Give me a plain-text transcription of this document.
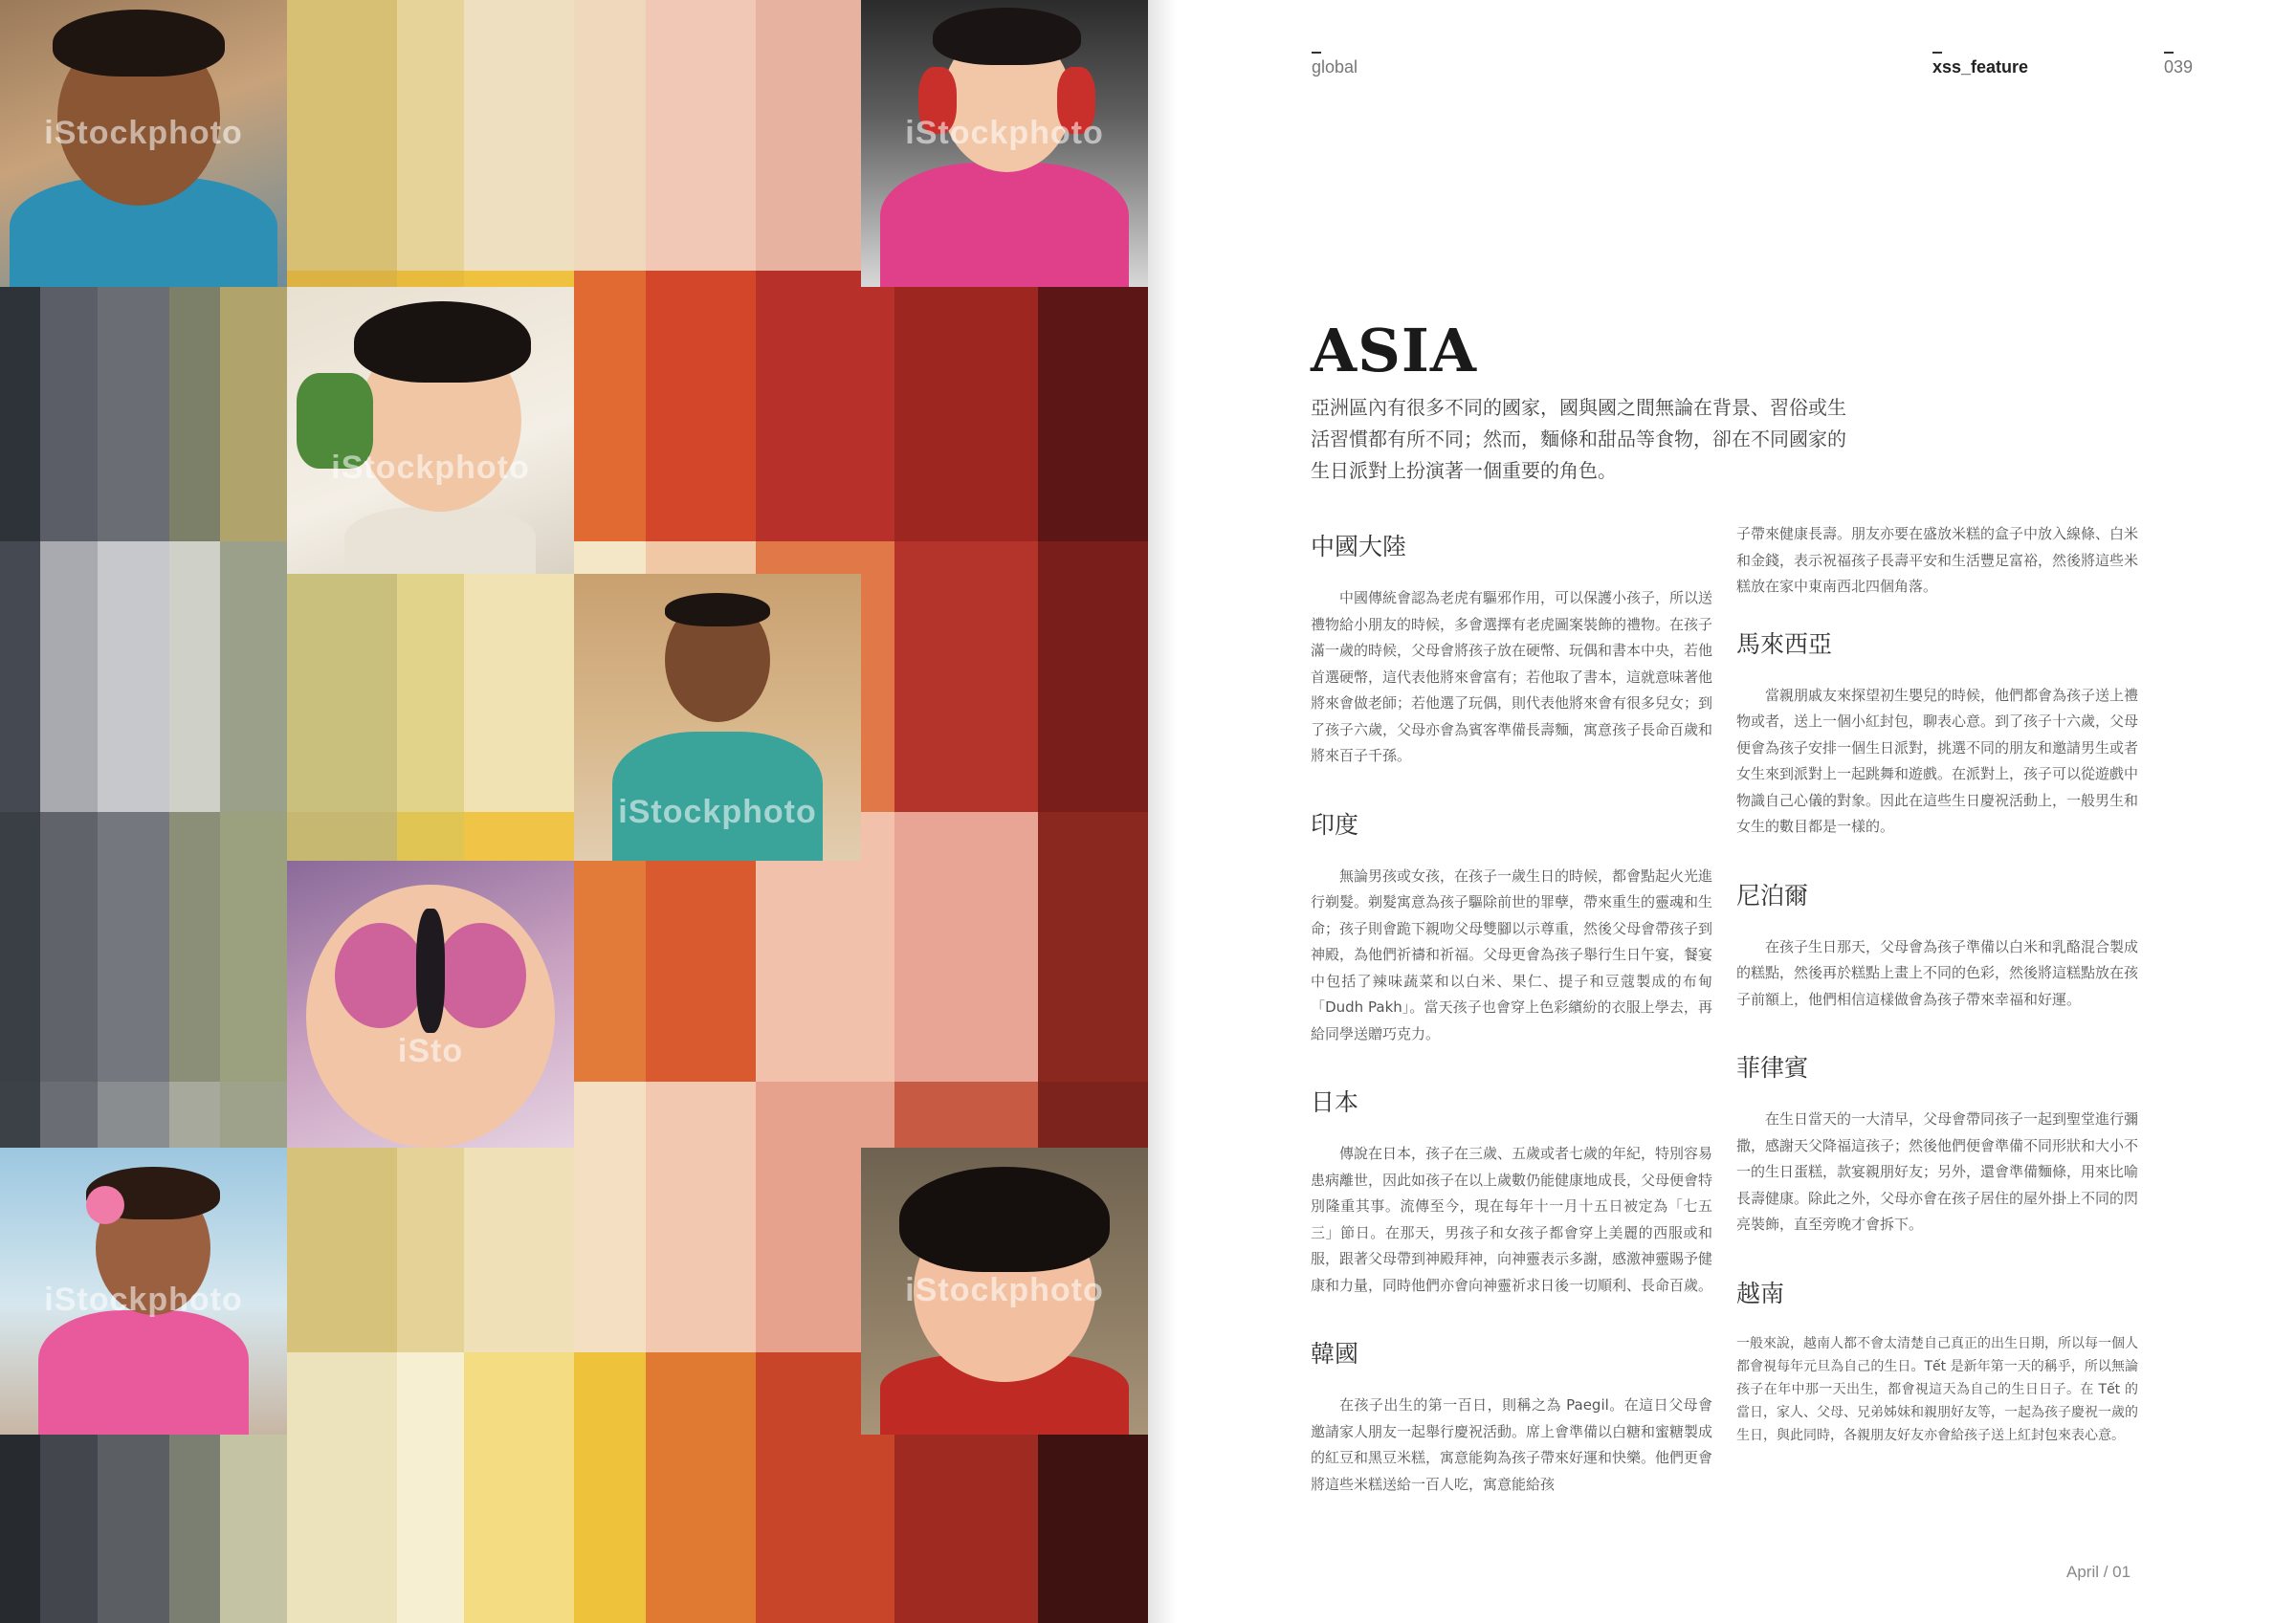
iStockphoto	iStockphoto
iStockphoto
iStockphoto
iSto
iStockphoto	iStockphoto
global	xss_feature	039
ASIA
亞洲區內有很多不同的國家，國與國之間無論在背景、習俗或生活習慣都有所不同；然而，麵條和甜品等食物，卻在不同國家的生日派對上扮演著一個重要的角色。
中國大陸
中國傳統會認為老虎有驅邪作用，可以保護小孩子，所以送禮物給小朋友的時候，多會選擇有老虎圖案裝飾的禮物。在孩子滿一歲的時候，父母會將孩子放在硬幣、玩偶和書本中央，若他首選硬幣，這代表他將來會富有；若他取了書本，這就意味著他將來會做老師；若他選了玩偶，則代表他將來會有很多兒女；到了孩子六歲，父母亦會為賓客準備長壽麵，寓意孩子長命百歲和將來百子千孫。
印度
無論男孩或女孩，在孩子一歲生日的時候，都會點起火光進行剃髮。剃髮寓意為孩子驅除前世的罪孽，帶來重生的靈魂和生命；孩子則會跪下親吻父母雙腳以示尊重，然後父母會帶孩子到神殿，為他們祈禱和祈福。父母更會為孩子舉行生日午宴，餐宴中包括了辣味蔬菜和以白米、果仁、提子和豆蔻製成的布甸「Dudh Pakh」。當天孩子也會穿上色彩繽紛的衣服上學去，再給同學送贈巧克力。
日本
傳說在日本，孩子在三歲、五歲或者七歲的年紀，特別容易患病離世，因此如孩子在以上歲數仍能健康地成長，父母便會特別隆重其事。流傳至今，現在每年十一月十五日被定為「七五三」節日。在那天，男孩子和女孩子都會穿上美麗的西服或和服，跟著父母帶到神殿拜神，向神靈表示多謝，感激神靈賜予健康和力量，同時他們亦會向神靈祈求日後一切順利、長命百歲。
韓國
在孩子出生的第一百日，則稱之為 Paegil。在這日父母會邀請家人朋友一起舉行慶祝活動。席上會準備以白糖和蜜糖製成的紅豆和黑豆米糕，寓意能夠為孩子帶來好運和快樂。他們更會將這些米糕送給一百人吃，寓意能給孩
子帶來健康長壽。朋友亦要在盛放米糕的盒子中放入線條、白米和金錢，表示祝福孩子長壽平安和生活豐足富裕，然後將這些米糕放在家中東南西北四個角落。
馬來西亞
當親朋戚友來探望初生嬰兒的時候，他們都會為孩子送上禮物或者，送上一個小紅封包，聊表心意。到了孩子十六歲，父母便會為孩子安排一個生日派對，挑選不同的朋友和邀請男生或者女生來到派對上一起跳舞和遊戲。在派對上，孩子可以從遊戲中物識自己心儀的對象。因此在這些生日慶祝活動上，一般男生和女生的數目都是一樣的。
尼泊爾
在孩子生日那天，父母會為孩子準備以白米和乳酪混合製成的糕點，然後再於糕點上畫上不同的色彩，然後將這糕點放在孩子前額上，他們相信這樣做會為孩子帶來幸福和好運。
菲律賓
在生日當天的一大清早，父母會帶同孩子一起到聖堂進行彌撒，感謝天父降福這孩子；然後他們便會準備不同形狀和大小不一的生日蛋糕，款宴親朋好友；另外，還會準備麵條，用來比喻長壽健康。除此之外，父母亦會在孩子居住的屋外掛上不同的閃亮裝飾，直至旁晚才會拆下。
越南
一般來說，越南人都不會太清楚自己真正的出生日期，所以每一個人都會視每年元旦為自己的生日。Tết 是新年第一天的稱乎，所以無論孩子在年中那一天出生，都會視這天為自己的生日日子。在 Tết 的當日，家人、父母、兄弟姊妹和親朋好友等，一起為孩子慶祝一歲的生日，與此同時，各親朋友好友亦會給孩子送上紅封包來表心意。
April / 01
